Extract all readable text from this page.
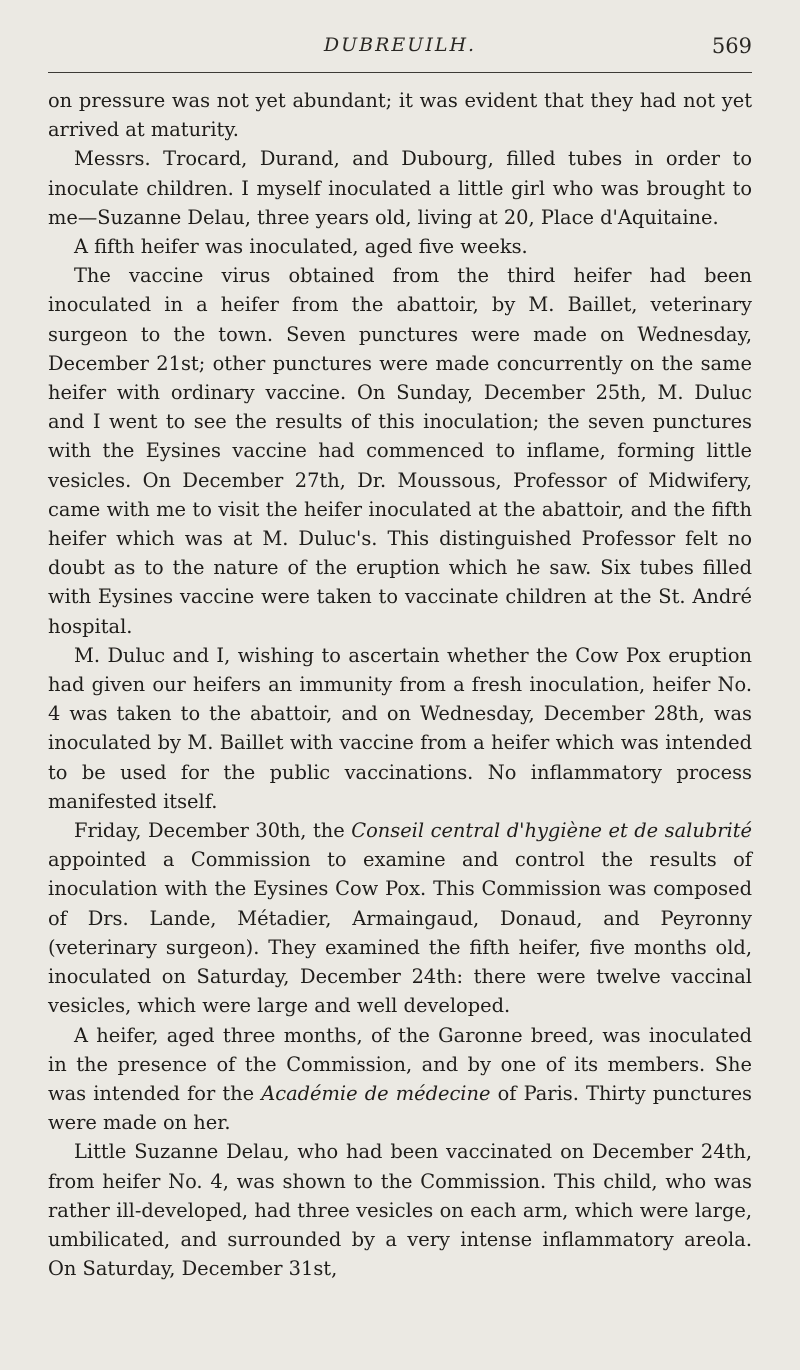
DUBREUILH.	569

on pressure was not yet abundant; it was evident that they had not yet arrived at maturity.

Messrs. Trocard, Durand, and Dubourg, filled tubes in order to inoculate children. I myself inoculated a little girl who was brought to me—Suzanne Delau, three years old, living at 20, Place d'Aquitaine.

A fifth heifer was inoculated, aged five weeks.

The vaccine virus obtained from the third heifer had been inoculated in a heifer from the abattoir, by M. Baillet, veterinary surgeon to the town. Seven punctures were made on Wednesday, December 21st; other punctures were made concurrently on the same heifer with ordinary vaccine. On Sunday, December 25th, M. Duluc and I went to see the results of this inoculation; the seven punctures with the Eysines vaccine had commenced to inflame, forming little vesicles. On December 27th, Dr. Moussous, Professor of Midwifery, came with me to visit the heifer inoculated at the abattoir, and the fifth heifer which was at M. Duluc's. This distinguished Professor felt no doubt as to the nature of the eruption which he saw. Six tubes filled with Eysines vaccine were taken to vaccinate children at the St. André hospital.

M. Duluc and I, wishing to ascertain whether the Cow Pox eruption had given our heifers an immunity from a fresh inoculation, heifer No. 4 was taken to the abattoir, and on Wednesday, December 28th, was inoculated by M. Baillet with vaccine from a heifer which was intended to be used for the public vaccinations. No inflammatory process manifested itself.

Friday, December 30th, the Conseil central d'hygiène et de salubrité appointed a Commission to examine and control the results of inoculation with the Eysines Cow Pox. This Commission was composed of Drs. Lande, Métadier, Armaingaud, Donaud, and Peyronny (veterinary surgeon). They examined the fifth heifer, five months old, inoculated on Saturday, December 24th: there were twelve vaccinal vesicles, which were large and well developed.

A heifer, aged three months, of the Garonne breed, was inoculated in the presence of the Commission, and by one of its members. She was intended for the Académie de médecine of Paris. Thirty punctures were made on her.

Little Suzanne Delau, who had been vaccinated on December 24th, from heifer No. 4, was shown to the Commission. This child, who was rather ill-developed, had three vesicles on each arm, which were large, umbilicated, and surrounded by a very intense inflammatory areola. On Saturday, December 31st,
